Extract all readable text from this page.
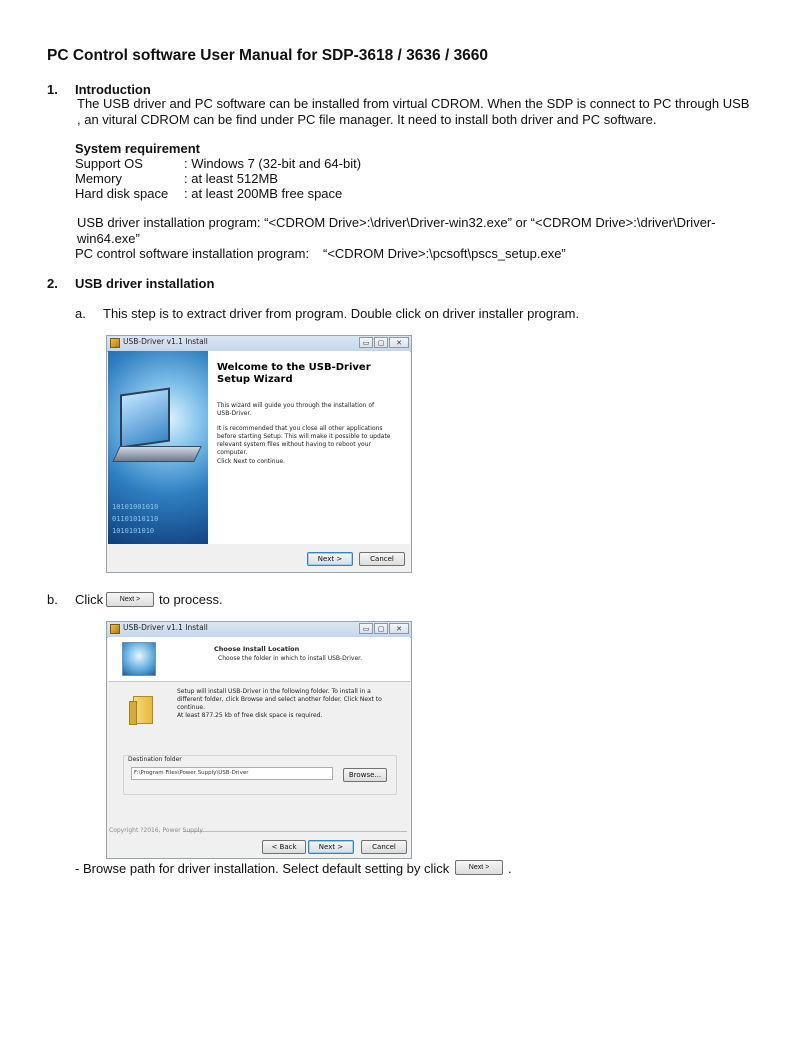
PC Control software User Manual for SDP-3618 / 3636 / 3660
1. Introduction
The USB driver and PC software can be installed from virtual CDROM. When the SDP is connect to PC through USB
, an vitural CDROM can be find under PC file manager. It need to install both driver and PC software.
System requirement
Support OS	: Windows 7 (32-bit and 64-bit)
Memory	: at least 512MB
Hard disk space : at least 200MB free space
USB driver installation program: “<CDROM Drive>:\driver\Driver-win32.exe” or “<CDROM Drive>:\driver\Driver-
win64.exe”
PC control software installation program: “<CDROM Drive>:\pcsoft\pscs_setup.exe”
2. USB driver installation
a. This step is to extract driver from program. Double click on driver installer program.
USB-Driver v1.1 Install	▭	▢	✕
10101001010
01101010110
1010101010
Welcome to the USB-Driver Setup Wizard
This wizard will guide you through the installation of USB-Driver.
It is recommended that you close all other applications before starting Setup. This will make it possible to update relevant system files without having to reboot your computer.
Click Next to continue.
Next >	Cancel
b. Click	Next >	to process.
USB-Driver v1.1 Install	▭	▢	✕
Choose Install Location
Choose the folder in which to install USB-Driver.
Setup will install USB-Driver in the following folder. To install in a different folder, click Browse and select another folder. Click Next to continue.
At least 877.25 kb of free disk space is required.
Destination folder
F:\Program Files\Power Supply\USB-Driver	Browse...
Copyright ?2016, Power Supply
< Back	Next >	Cancel
- Browse path for driver installation. Select default setting by click	Next >	.
